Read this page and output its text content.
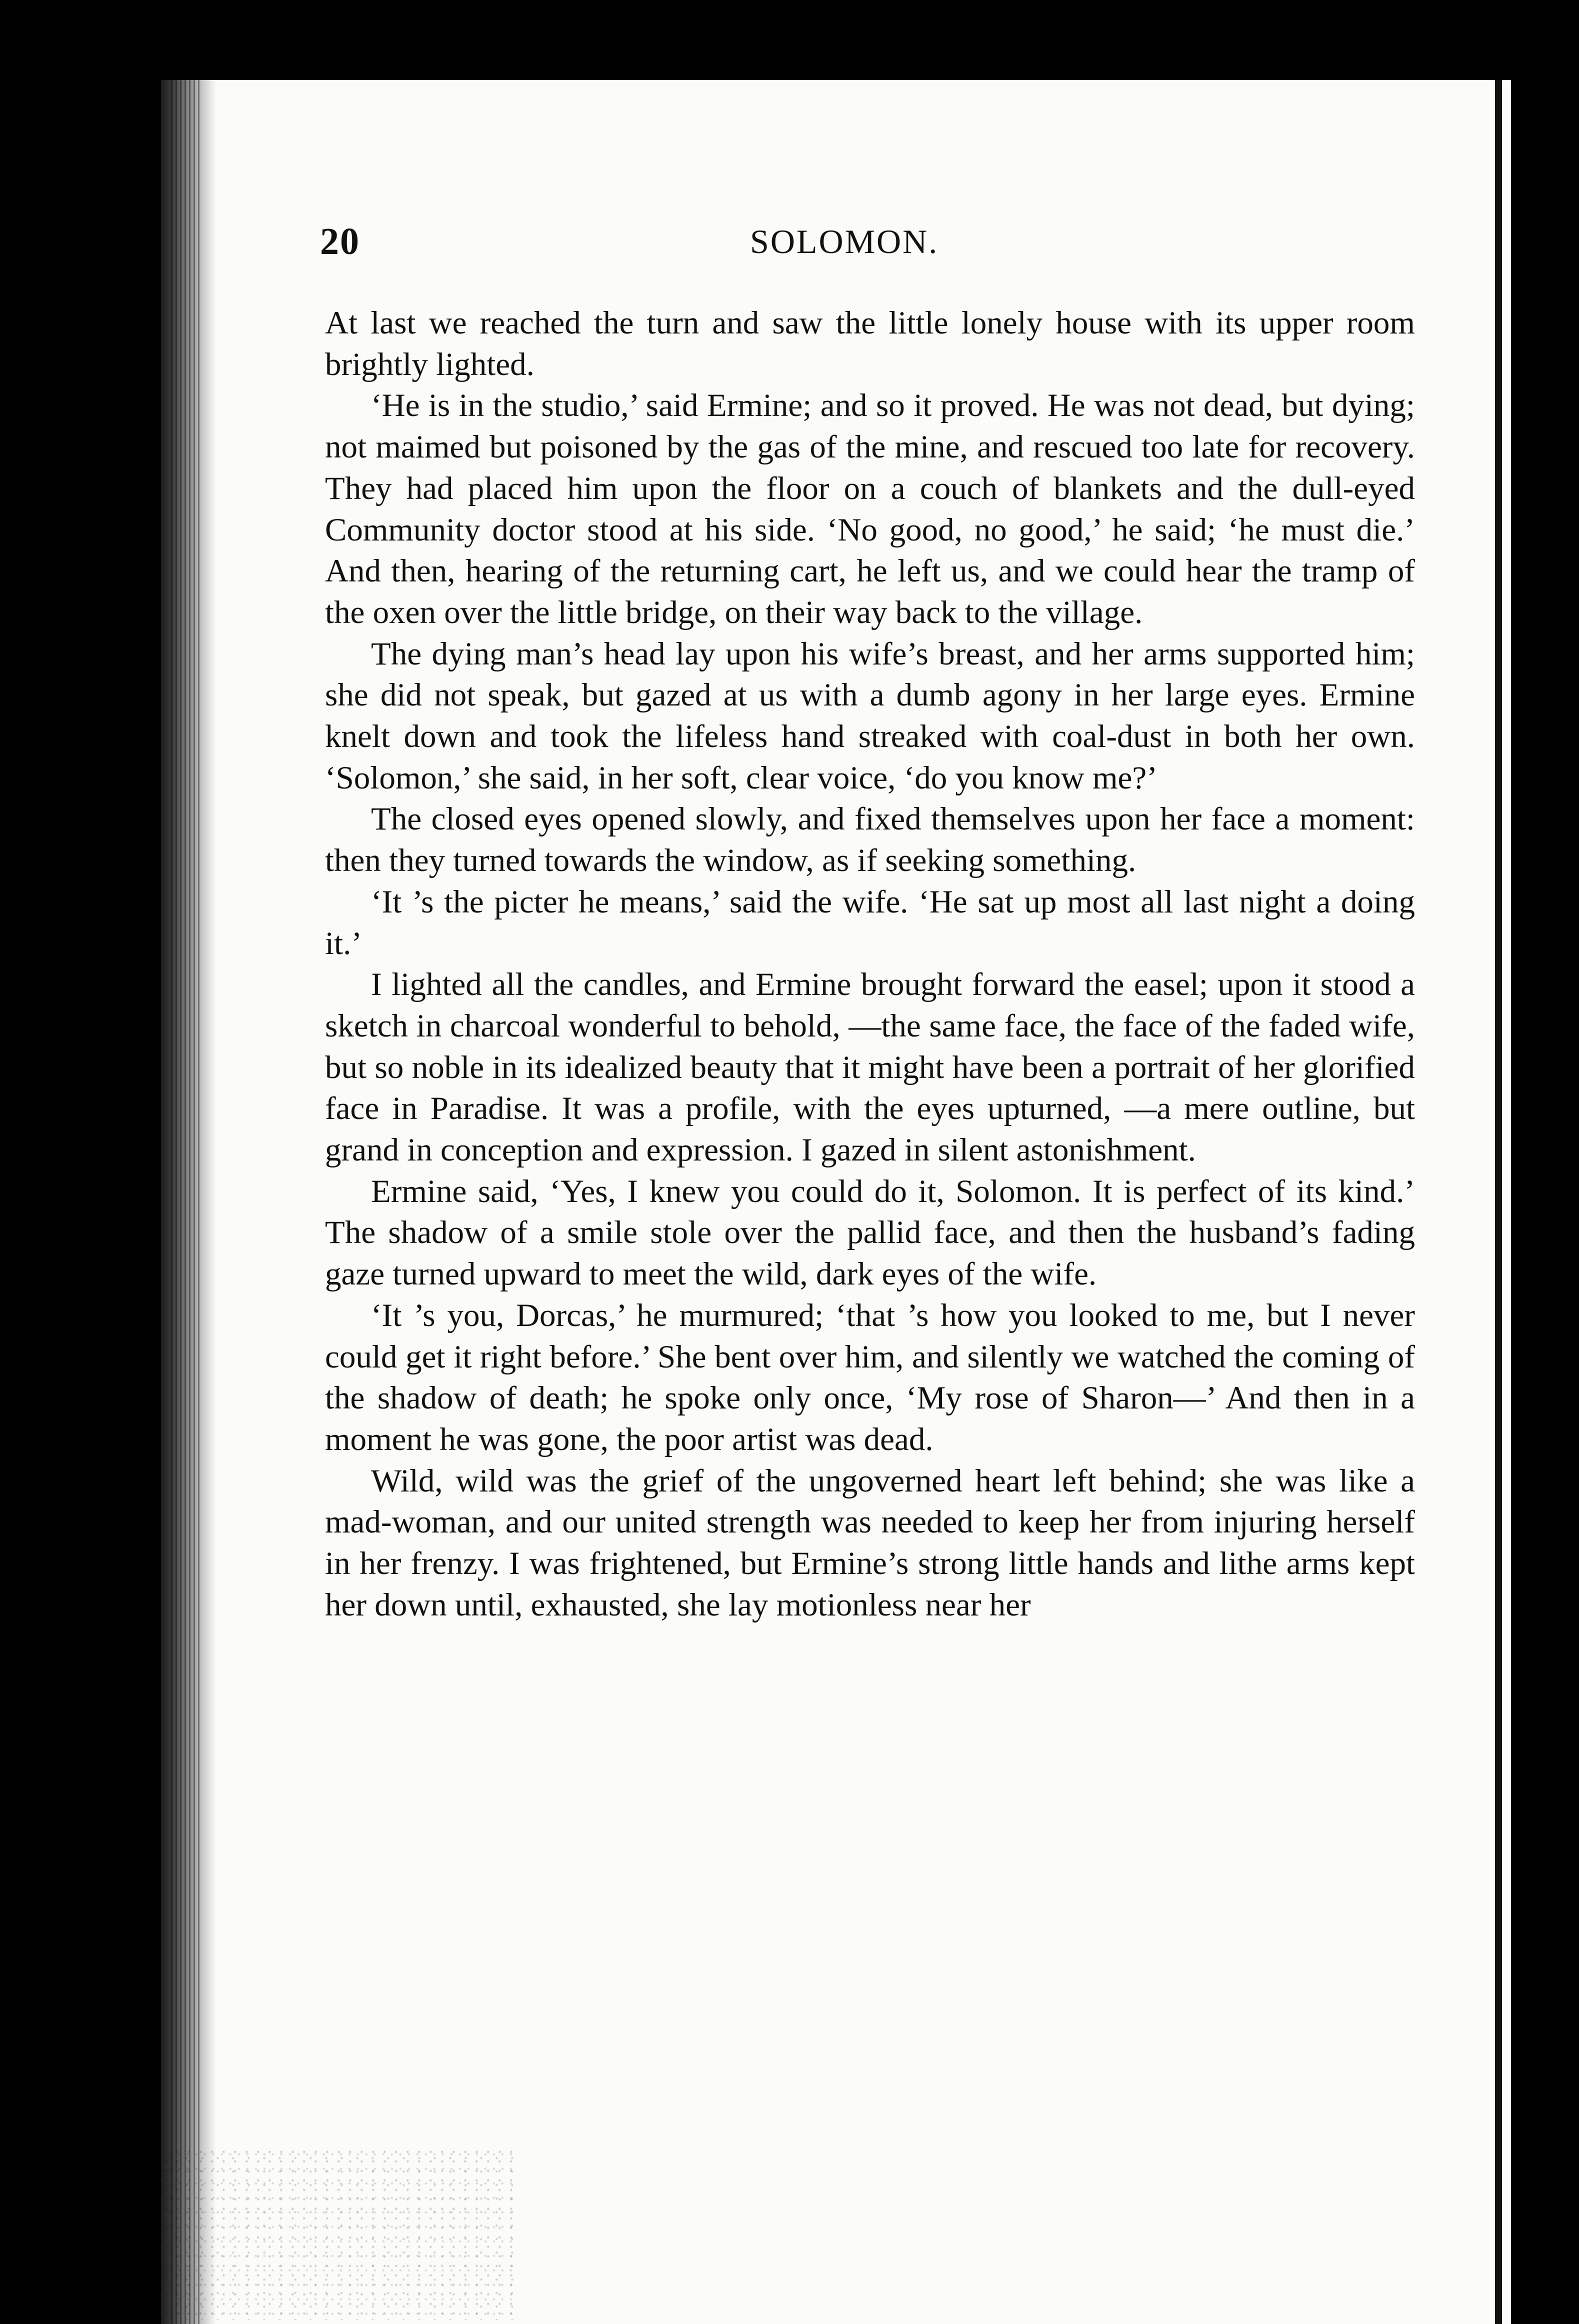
20	SOLOMON.

At last we reached the turn and saw the little lonely house with its upper room brightly lighted.

‘He is in the studio,’ said Ermine; and so it proved. He was not dead, but dying; not maimed but poisoned by the gas of the mine, and rescued too late for recovery. They had placed him upon the floor on a couch of blankets and the dull-eyed Community doctor stood at his side. ‘No good, no good,’ he said; ‘he must die.’ And then, hearing of the returning cart, he left us, and we could hear the tramp of the oxen over the little bridge, on their way back to the village.

The dying man’s head lay upon his wife’s breast, and her arms supported him; she did not speak, but gazed at us with a dumb agony in her large eyes. Ermine knelt down and took the lifeless hand streaked with coal-dust in both her own. ‘Solomon,’ she said, in her soft, clear voice, ‘do you know me?’

The closed eyes opened slowly, and fixed themselves upon her face a moment: then they turned towards the window, as if seeking something.

‘It ’s the picter he means,’ said the wife. ‘He sat up most all last night a doing it.’

I lighted all the candles, and Ermine brought forward the easel; upon it stood a sketch in charcoal wonderful to behold, —the same face, the face of the faded wife, but so noble in its idealized beauty that it might have been a portrait of her glorified face in Paradise. It was a profile, with the eyes upturned, —a mere outline, but grand in conception and expression. I gazed in silent astonishment.

Ermine said, ‘Yes, I knew you could do it, Solomon. It is perfect of its kind.’ The shadow of a smile stole over the pallid face, and then the husband’s fading gaze turned upward to meet the wild, dark eyes of the wife.

‘It ’s you, Dorcas,’ he murmured; ‘that ’s how you looked to me, but I never could get it right before.’ She bent over him, and silently we watched the coming of the shadow of death; he spoke only once, ‘My rose of Sharon—’ And then in a moment he was gone, the poor artist was dead.

Wild, wild was the grief of the ungoverned heart left behind; she was like a mad-woman, and our united strength was needed to keep her from injuring herself in her frenzy. I was frightened, but Ermine’s strong little hands and lithe arms kept her down until, exhausted, she lay motionless near her
